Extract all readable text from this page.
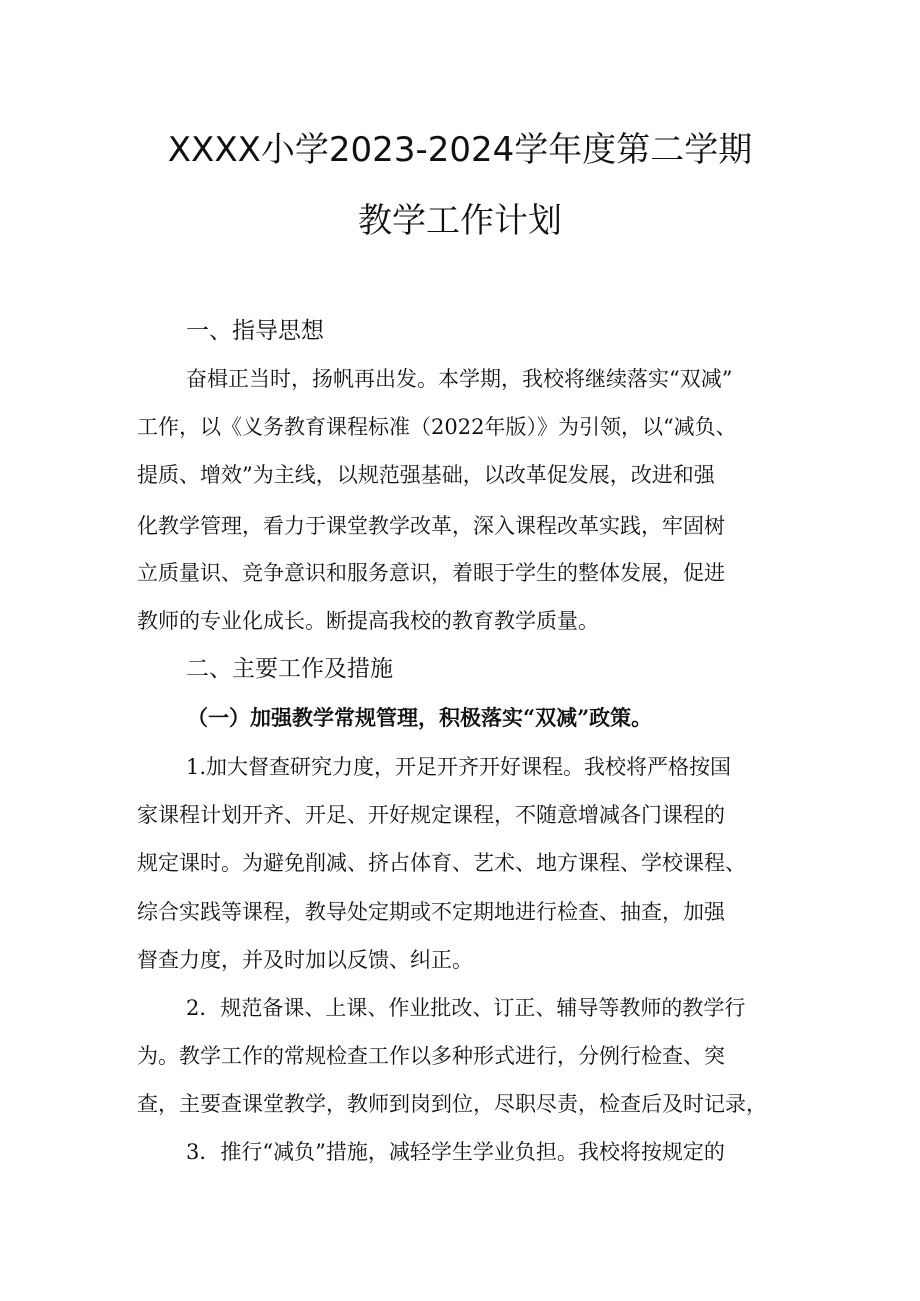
XXXX小学2023-2024学年度第二学期
教学工作计划
一、指导思想
奋楫正当时，扬帆再出发。本学期，我校将继续落实“双减”
工作，以《义务教育课程标准（2022年版）》为引领，以“减负、
提质、增效”为主线，以规范强基础，以改革促发展，改进和强
化教学管理，看力于课堂教学改革，深入课程改革实践，牢固树
立质量识、竞争意识和服务意识，着眼于学生的整体发展，促进
教师的专业化成长。断提高我校的教育教学质量。
二、主要工作及措施
（一）加强教学常规管理，积极落实“双减”政策。
1.加大督查研究力度，开足开齐开好课程。我校将严格按国
家课程计划开齐、开足、开好规定课程，不随意增减各门课程的
规定课时。为避免削减、挤占体育、艺术、地方课程、学校课程、
综合实践等课程，教导处定期或不定期地进行检查、抽查，加强
督查力度，并及时加以反馈、纠正。
2．规范备课、上课、作业批改、订正、辅导等教师的教学行
为。教学工作的常规检查工作以多种形式进行，分例行检查、突
查，主要查课堂教学，教师到岗到位，尽职尽责，检查后及时记录，
3．推行“减负”措施，减轻学生学业负担。我校将按规定的
